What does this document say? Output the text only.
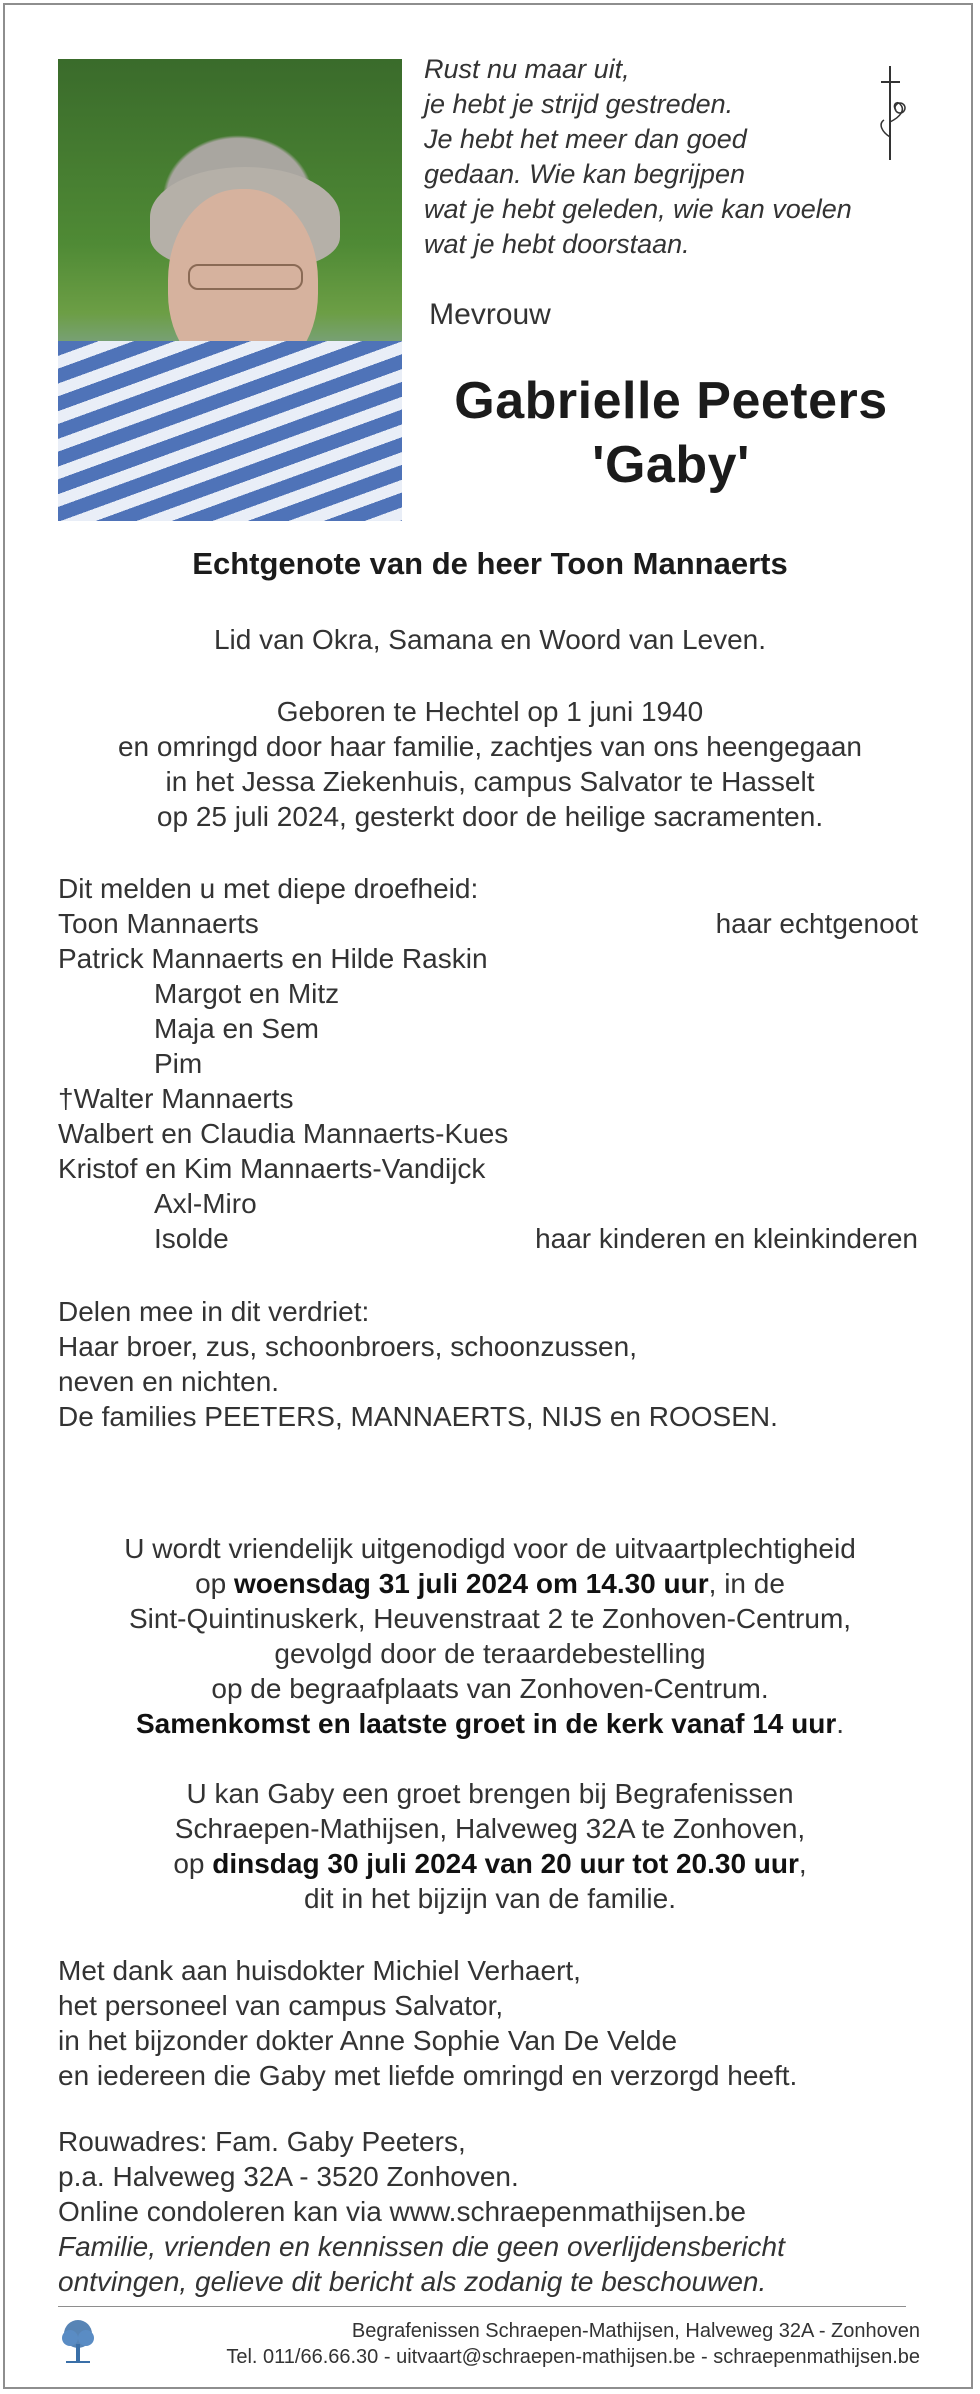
Rust nu maar uit,
je hebt je strijd gestreden.
Je hebt het meer dan goed
gedaan. Wie kan begrijpen
wat je hebt geleden, wie kan voelen
wat je hebt doorstaan.
Mevrouw
Gabrielle Peeters
'Gaby'
Echtgenote van de heer Toon Mannaerts
Lid van Okra, Samana en Woord van Leven.
Geboren te Hechtel op 1 juni 1940
en omringd door haar familie, zachtjes van ons heengegaan
in het Jessa Ziekenhuis, campus Salvator te Hasselt
op 25 juli 2024, gesterkt door de heilige sacramenten.
Dit melden u met diepe droefheid:
Toon Mannaerts	haar echtgenoot
Patrick Mannaerts en Hilde Raskin
Margot en Mitz
Maja en Sem
Pim
†Walter Mannaerts
Walbert en Claudia Mannaerts-Kues
Kristof en Kim Mannaerts-Vandijck
Axl-Miro
Isolde	haar kinderen en kleinkinderen
Delen mee in dit verdriet:
Haar broer, zus, schoonbroers, schoonzussen,
neven en nichten.
De families PEETERS, MANNAERTS, NIJS en ROOSEN.
U wordt vriendelijk uitgenodigd voor de uitvaartplechtigheid
op woensdag 31 juli 2024 om 14.30 uur, in de
Sint-Quintinuskerk, Heuvenstraat 2 te Zonhoven-Centrum,
gevolgd door de teraardebestelling
op de begraafplaats van Zonhoven-Centrum.
Samenkomst en laatste groet in de kerk vanaf 14 uur.
U kan Gaby een groet brengen bij Begrafenissen
Schraepen-Mathijsen, Halveweg 32A te Zonhoven,
op dinsdag 30 juli 2024 van 20 uur tot 20.30 uur,
dit in het bijzijn van de familie.
Met dank aan huisdokter Michiel Verhaert,
het personeel van campus Salvator,
in het bijzonder dokter Anne Sophie Van De Velde
en iedereen die Gaby met liefde omringd en verzorgd heeft.
Rouwadres: Fam. Gaby Peeters,
p.a. Halveweg 32A - 3520 Zonhoven.
Online condoleren kan via www.schraepenmathijsen.be
Familie, vrienden en kennissen die geen overlijdensbericht
ontvingen, gelieve dit bericht als zodanig te beschouwen.
Begrafenissen Schraepen-Mathijsen, Halveweg 32A - Zonhoven
Tel. 011/66.66.30 - uitvaart@schraepen-mathijsen.be - schraepenmathijsen.be
